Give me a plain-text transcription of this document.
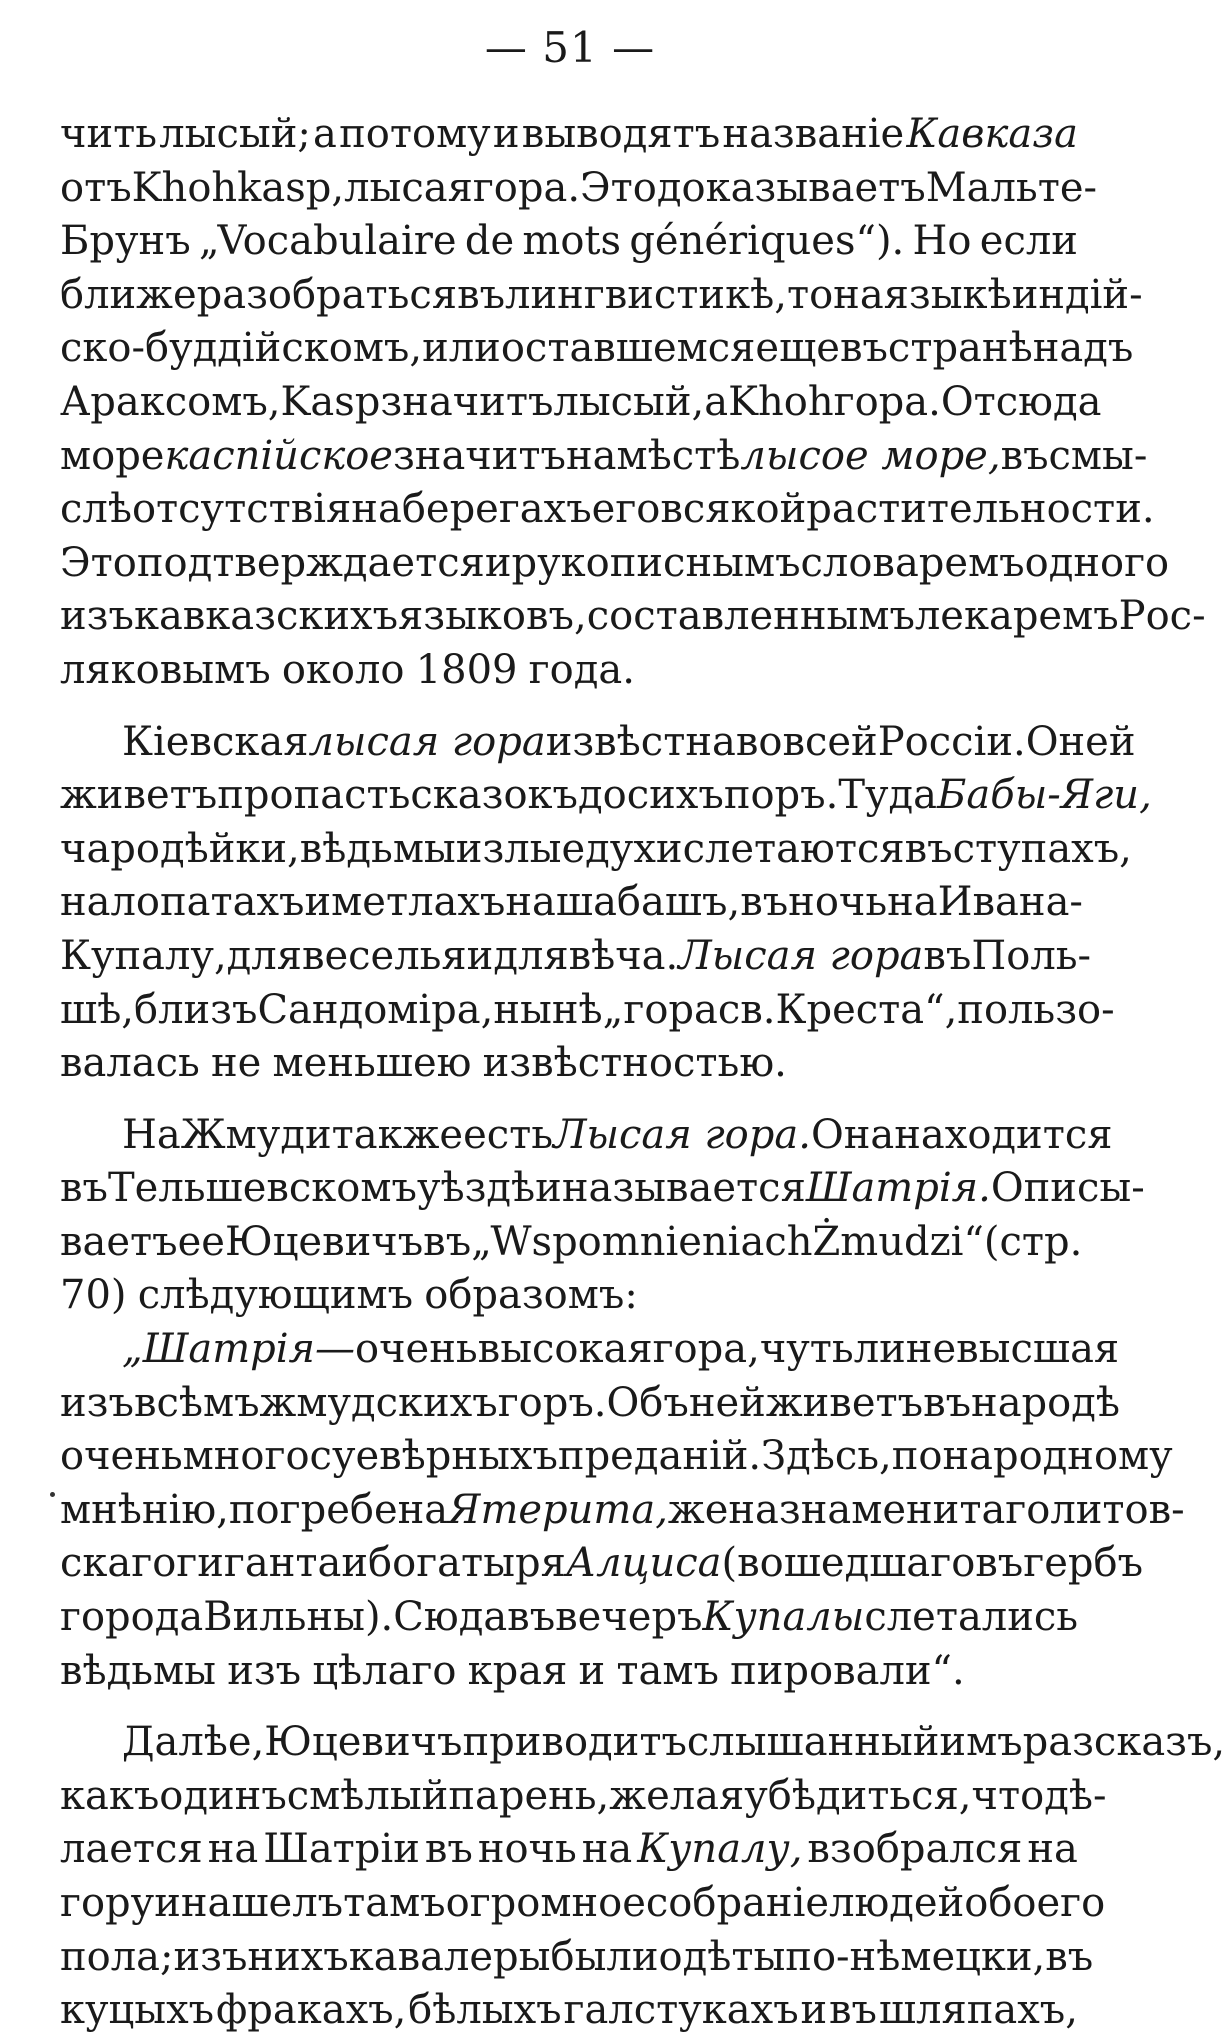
— 51 —
чить лысый; а потому и выводятъ названіе Кавказа
отъ Khohkasp, лысая гора. Это доказываетъ Мальте-
Брунъ „Vocabulaire de mots génériques“). Но если
ближе разобраться въ лингвистикѣ, то на языкѣ индій-
ско-буддійскомъ, или оставшемся еще въ странѣ надъ
Араксомъ, Kasp значитъ лысый, а Khoh гора. Отсюда
море каспійское значитъ на мѣстѣ лысое море, въ смы-
слѣ отсутствія на берегахъ его всякой растительности.
Это подтверждается и рукописнымъ словаремъ одного
изъ кавказскихъ языковъ, составленнымъ лекаремъ Рос-
ляковымъ около 1809 года.
Кіевская лысая гора извѣстна во всей Россіи. О ней
живетъ пропасть сказокъ до сихъ поръ. Туда Бабы-Яги,
чародѣйки, вѣдьмы и злые духи слетаются въ ступахъ,
на лопатахъ и метлахъ на шабашъ, въ ночь на Ивана-
Купалу, для веселья и для вѣча. Лысая гора въ Поль-
шѣ, близъ Сандоміра, нынѣ „гора св. Креста“, пользо-
валась не меньшею извѣстностью.
На Жмуди также есть Лысая гора. Она находится
въ Тельшевскомъ уѣздѣ и называется Шатрія. Описы-
ваетъ ее Юцевичъ въ „Wspomnieniach Żmudzi“ (стр.
70) слѣдующимъ образомъ:
„Шатрія— очень высокая гора, чуть ли не высшая
изъ всѣмъ жмудскихъ горъ. Объ ней живетъ въ народѣ
очень много суевѣрныхъ преданій. Здѣсь, по народному
мнѣнію, погребена Ятерита, жена знаменитаго литов-
скаго гиганта и богатыря Алциса (вошедшаго въ гербъ
города Вильны). Сюда въ вечеръ Купалы слетались
вѣдьмы изъ цѣлаго края и тамъ пировали“.
Далѣе, Юцевичъ приводитъ слышанный имъ разсказъ,
какъ одинъ смѣлый парень, желая убѣдиться, что дѣ-
лается на Шатріи въ ночь на Купалу, взобрался на
гору и нашелъ тамъ огромное собраніе людей обоего
пола; изъ нихъ кавалеры были одѣты по-нѣмецки, въ
куцыхъ фракахъ, бѣлыхъ галстукахъ и въ шляпахъ,
